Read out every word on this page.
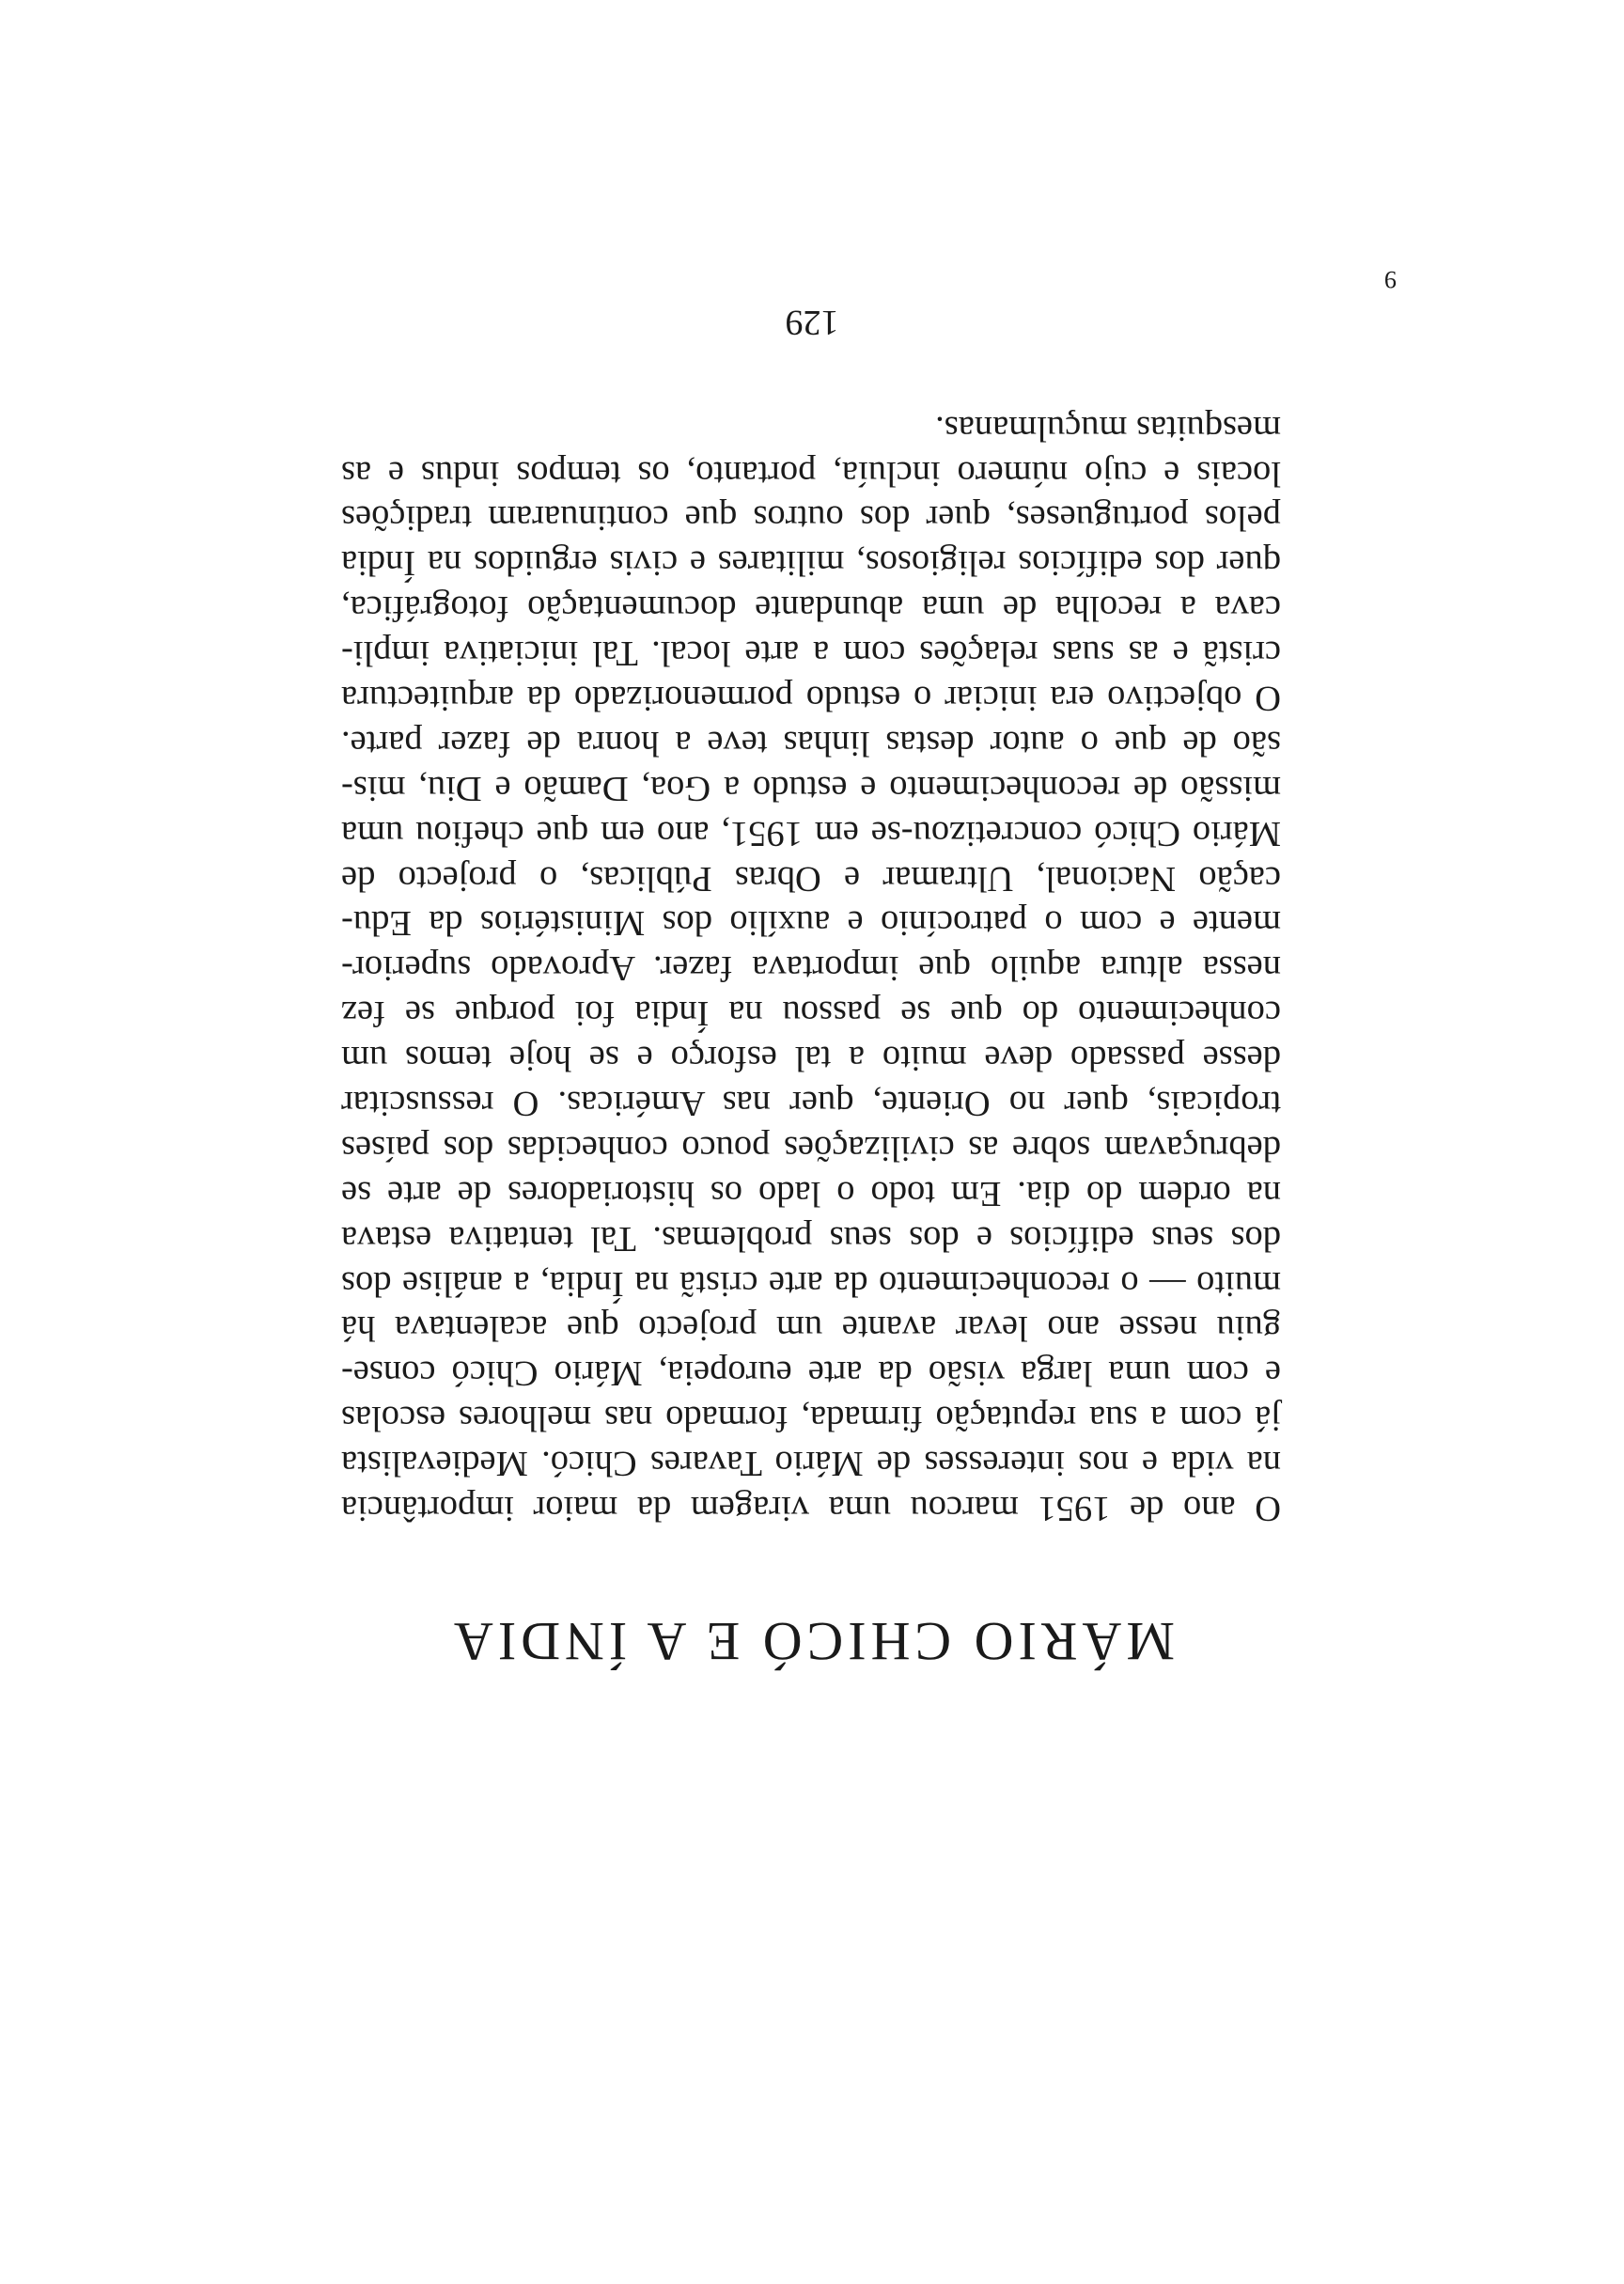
MÁRIO CHICÓ E A ÍNDIA
O ano de 1951 marcou uma viragem da maior importância
na vida e nos interesses de Mário Tavares Chicó. Medievalista
já com a sua reputação firmada, formado nas melhores escolas
e com uma larga visão da arte europeia, Mário Chicó conse-
guiu nesse ano levar avante um projecto que acalentava há
muito — o reconhecimento da arte cristã na Índia, a análise dos
dos seus edifícios e dos seus problemas. Tal tentativa estava
na ordem do dia. Em todo o lado os historiadores de arte se
debruçavam sobre as civilizações pouco conhecidas dos países
tropicais, quer no Oriente, quer nas Américas. O ressuscitar
desse passado deve muito a tal esforço e se hoje temos um
conhecimento do que se passou na Índia foi porque se fez
nessa altura aquilo que importava fazer. Aprovado superior-
mente e com o patrocínio e auxílio dos Ministérios da Edu-
cação Nacional, Ultramar e Obras Públicas, o projecto de
Mário Chicó concretizou-se em 1951, ano em que chefiou uma
missão de reconhecimento e estudo a Goa, Damão e Diu, mis-
são de que o autor destas linhas teve a honra de fazer parte.
O objectivo era iniciar o estudo pormenorizado da arquitectura
cristã e as suas relações com a arte local. Tal iniciativa impli-
cava a recolha de uma abundante documentação fotográfica,
quer dos edifícios religiosos, militares e civis erguidos na Índia
pelos portugueses, quer dos outros que continuaram tradições
locais e cujo número incluía, portanto, os tempos indus e as
mesquitas muçulmanas.
129
9
